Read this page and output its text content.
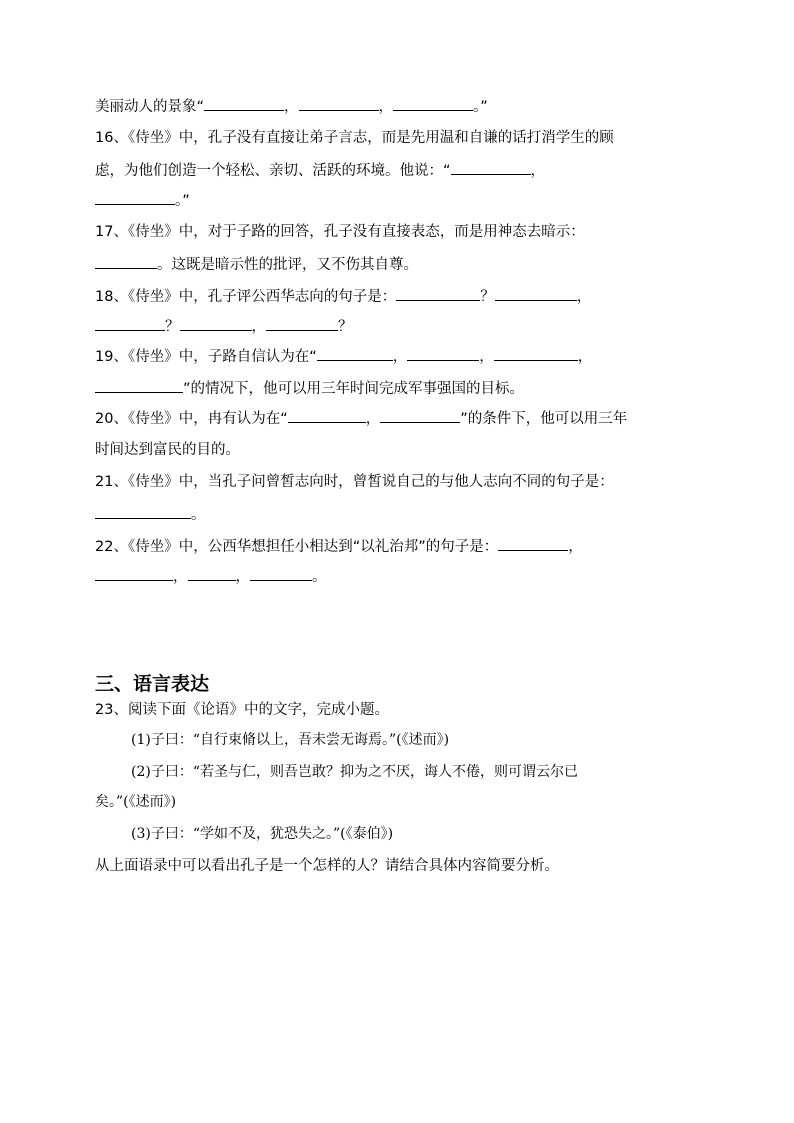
美丽动人的景象“	，	，	。”

16、《侍坐》中，孔子没有直接让弟子言志，而是先用温和自谦的话打消学生的顾

虑，为他们创造一个轻松、亲切、活跃的环境。他说：“	，

。”

17、《侍坐》中，对于子路的回答，孔子没有直接表态，而是用神态去暗示：

。这既是暗示性的批评，又不伤其自尊。

18、《侍坐》中，孔子评公西华志向的句子是：	？	，

？	，	？

19、《侍坐》中，子路自信认为在“	，	，	，

”的情况下，他可以用三年时间完成军事强国的目标。

20、《侍坐》中，冉有认为在“	，	”的条件下，他可以用三年

时间达到富民的目的。

21、《侍坐》中，当孔子问曾皙志向时，曾皙说自己的与他人志向不同的句子是：

。

22、《侍坐》中，公西华想担任小相达到“以礼治邦”的句子是：	，

，	，	。

三、语言表达

23、阅读下面《论语》中的文字，完成小题。

(1)子曰：“自行束脩以上，吾未尝无诲焉。”(《述而》)

(2)子曰：“若圣与仁，则吾岂敢？抑为之不厌，诲人不倦，则可谓云尔已

矣。”(《述而》)

(3)子曰：“学如不及，犹恐失之。”(《泰伯》)

从上面语录中可以看出孔子是一个怎样的人？请结合具体内容简要分析。
